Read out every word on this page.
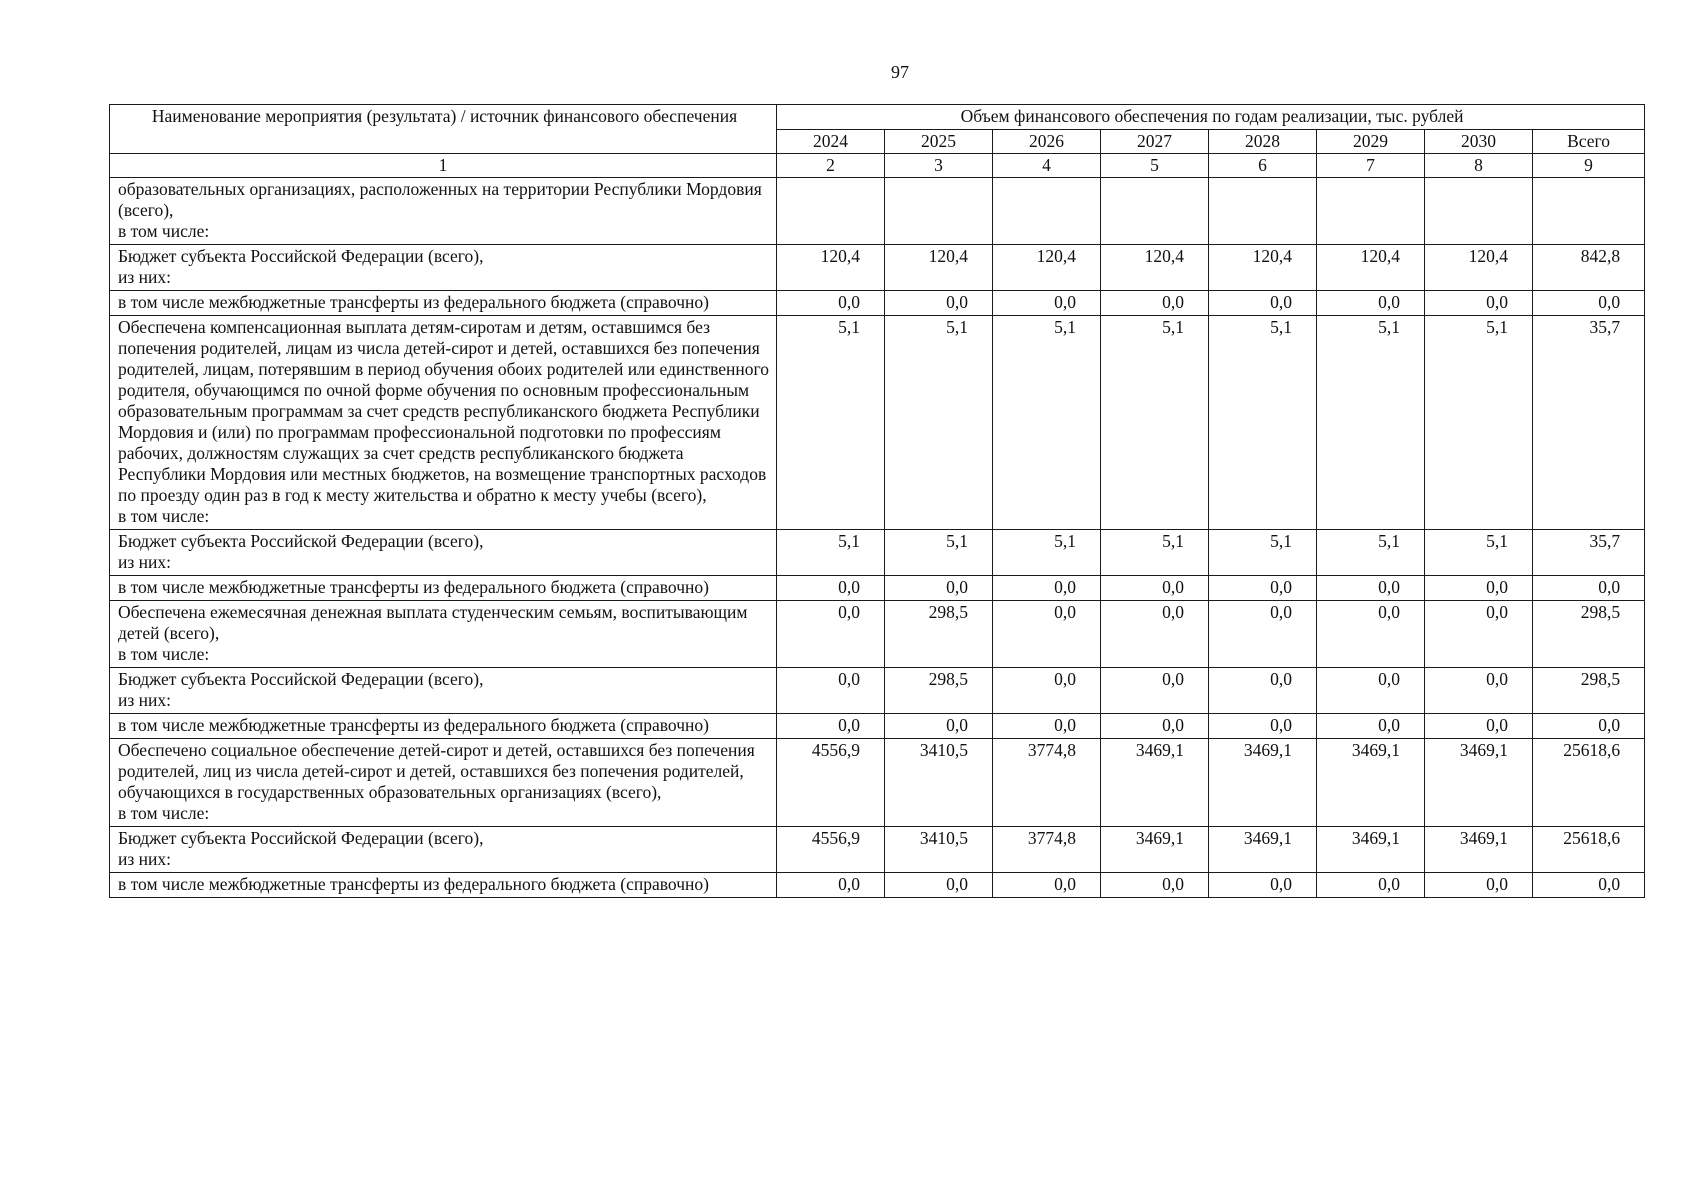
97
Наименование мероприятия (результата) / источник финансового обеспечения	Объем финансового обеспечения по годам реализации, тыс. рублей							
	2024	2025	2026	2027	2028	2029	2030	Всего
1	2	3	4	5	6	7	8	9
образовательных организациях, расположенных на территории Республики Мордовия (всего),
в том числе:								
Бюджет субъекта Российской Федерации (всего),
из них:	120,4	120,4	120,4	120,4	120,4	120,4	120,4	842,8
в том числе межбюджетные трансферты из федерального бюджета (справочно)	0,0	0,0	0,0	0,0	0,0	0,0	0,0	0,0
Обеспечена компенсационная выплата детям-сиротам и детям, оставшимся без попечения родителей, лицам из числа детей-сирот и детей, оставшихся без попечения родителей, лицам, потерявшим в период обучения обоих родителей или единственного родителя, обучающимся по очной форме обучения по основным профессиональным образовательным программам за счет средств республиканского бюджета Республики Мордовия и (или) по программам профессиональной подготовки по профессиям рабочих, должностям служащих за счет средств республиканского бюджета Республики Мордовия или местных бюджетов, на возмещение транспортных расходов по проезду один раз в год к месту жительства и обратно к месту учебы (всего),
в том числе:	5,1	5,1	5,1	5,1	5,1	5,1	5,1	35,7
Бюджет субъекта Российской Федерации (всего),
из них:	5,1	5,1	5,1	5,1	5,1	5,1	5,1	35,7
в том числе межбюджетные трансферты из федерального бюджета (справочно)	0,0	0,0	0,0	0,0	0,0	0,0	0,0	0,0
Обеспечена ежемесячная денежная выплата студенческим семьям, воспитывающим детей (всего),
в том числе:	0,0	298,5	0,0	0,0	0,0	0,0	0,0	298,5
Бюджет субъекта Российской Федерации (всего),
из них:	0,0	298,5	0,0	0,0	0,0	0,0	0,0	298,5
в том числе межбюджетные трансферты из федерального бюджета (справочно)	0,0	0,0	0,0	0,0	0,0	0,0	0,0	0,0
Обеспечено социальное обеспечение детей-сирот и детей, оставшихся без попечения родителей, лиц из числа детей-сирот и детей, оставшихся без попечения родителей, обучающихся в государственных образовательных организациях (всего),
в том числе:	4556,9	3410,5	3774,8	3469,1	3469,1	3469,1	3469,1	25618,6
Бюджет субъекта Российской Федерации (всего),
из них:	4556,9	3410,5	3774,8	3469,1	3469,1	3469,1	3469,1	25618,6
в том числе межбюджетные трансферты из федерального бюджета (справочно)	0,0	0,0	0,0	0,0	0,0	0,0	0,0	0,0
